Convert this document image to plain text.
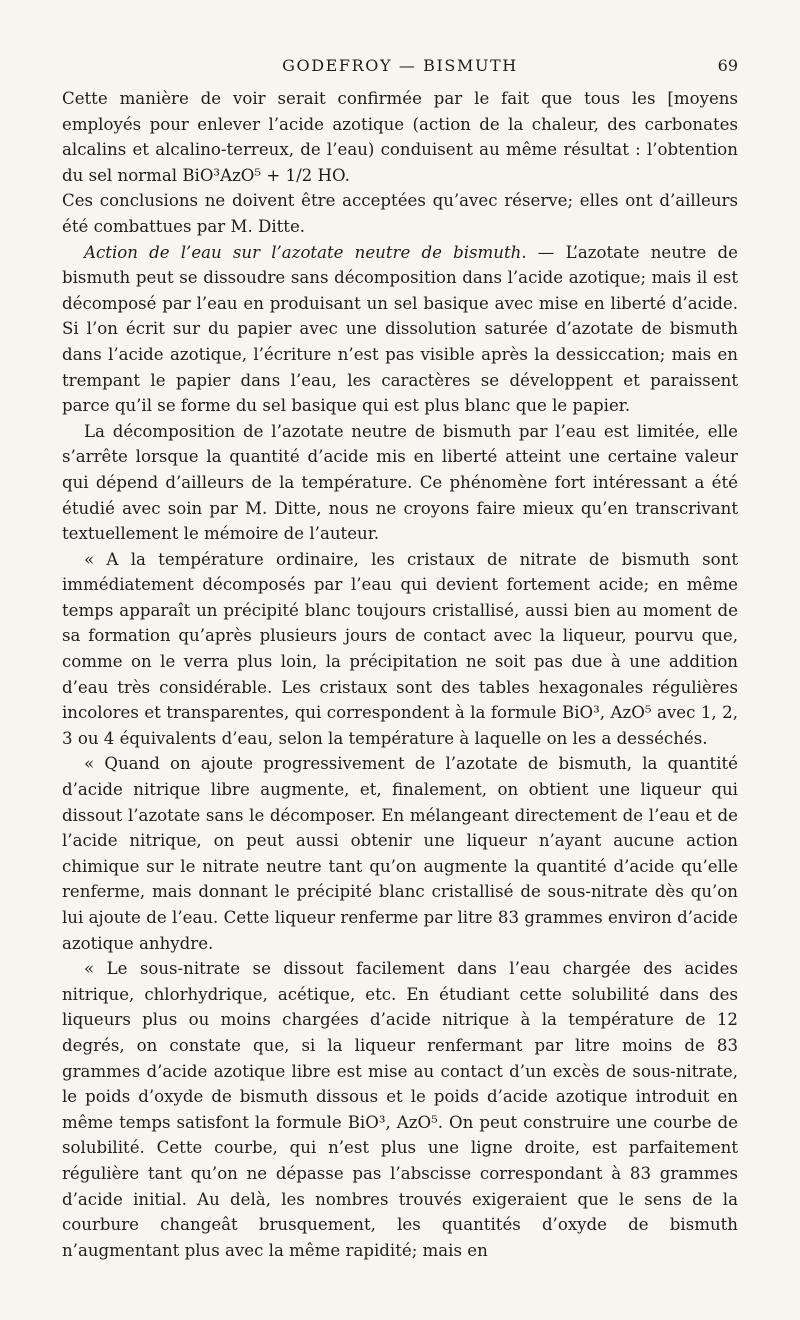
GODEFROY — BISMUTH	69

Cette manière de voir serait confirmée par le fait que tous les [moyens employés pour enlever l’acide azotique (action de la chaleur, des carbonates alcalins et alcalino-terreux, de l’eau) conduisent au même résultat : l’obtention du sel normal BiO³AzO⁵ + 1/2 HO.

Ces conclusions ne doivent être acceptées qu’avec réserve; elles ont d’ailleurs été combattues par M. Ditte.

Action de l’eau sur l’azotate neutre de bismuth. — L’azotate neutre de bismuth peut se dissoudre sans décomposition dans l’acide azotique; mais il est décomposé par l’eau en produisant un sel basique avec mise en liberté d’acide. Si l’on écrit sur du papier avec une dissolution saturée d’azotate de bismuth dans l’acide azotique, l’écriture n’est pas visible après la dessiccation; mais en trempant le papier dans l’eau, les caractères se développent et paraissent parce qu’il se forme du sel basique qui est plus blanc que le papier.

La décomposition de l’azotate neutre de bismuth par l’eau est limitée, elle s’arrête lorsque la quantité d’acide mis en liberté atteint une certaine valeur qui dépend d’ailleurs de la température. Ce phénomène fort intéressant a été étudié avec soin par M. Ditte, nous ne croyons faire mieux qu’en transcrivant textuellement le mémoire de l’auteur.

« A la température ordinaire, les cristaux de nitrate de bismuth sont immédiatement décomposés par l’eau qui devient fortement acide; en même temps apparaît un précipité blanc toujours cristallisé, aussi bien au moment de sa formation qu’après plusieurs jours de contact avec la liqueur, pourvu que, comme on le verra plus loin, la précipitation ne soit pas due à une addition d’eau très considérable. Les cristaux sont des tables hexagonales régulières incolores et transparentes, qui correspondent à la formule BiO³, AzO⁵ avec 1, 2, 3 ou 4 équivalents d’eau, selon la température à laquelle on les a desséchés.

« Quand on ajoute progressivement de l’azotate de bismuth, la quantité d’acide nitrique libre augmente, et, finalement, on obtient une liqueur qui dissout l’azotate sans le décomposer. En mélangeant directement de l’eau et de l’acide nitrique, on peut aussi obtenir une liqueur n’ayant aucune action chimique sur le nitrate neutre tant qu’on augmente la quantité d’acide qu’elle renferme, mais donnant le précipité blanc cristallisé de sous-nitrate dès qu’on lui ajoute de l’eau. Cette liqueur renferme par litre 83 grammes environ d’acide azotique anhydre.

« Le sous-nitrate se dissout facilement dans l’eau chargée des acides nitrique, chlorhydrique, acétique, etc. En étudiant cette solubilité dans des liqueurs plus ou moins chargées d’acide nitrique à la température de 12 degrés, on constate que, si la liqueur renfermant par litre moins de 83 grammes d’acide azotique libre est mise au contact d’un excès de sous-nitrate, le poids d’oxyde de bismuth dissous et le poids d’acide azotique introduit en même temps satisfont la formule BiO³, AzO⁵. On peut construire une courbe de solubilité. Cette courbe, qui n’est plus une ligne droite, est parfaitement régulière tant qu’on ne dépasse pas l’abscisse correspondant à 83 grammes d’acide initial. Au delà, les nombres trouvés exigeraient que le sens de la courbure changeât brusquement, les quantités d’oxyde de bismuth n’augmentant plus avec la même rapidité; mais en
